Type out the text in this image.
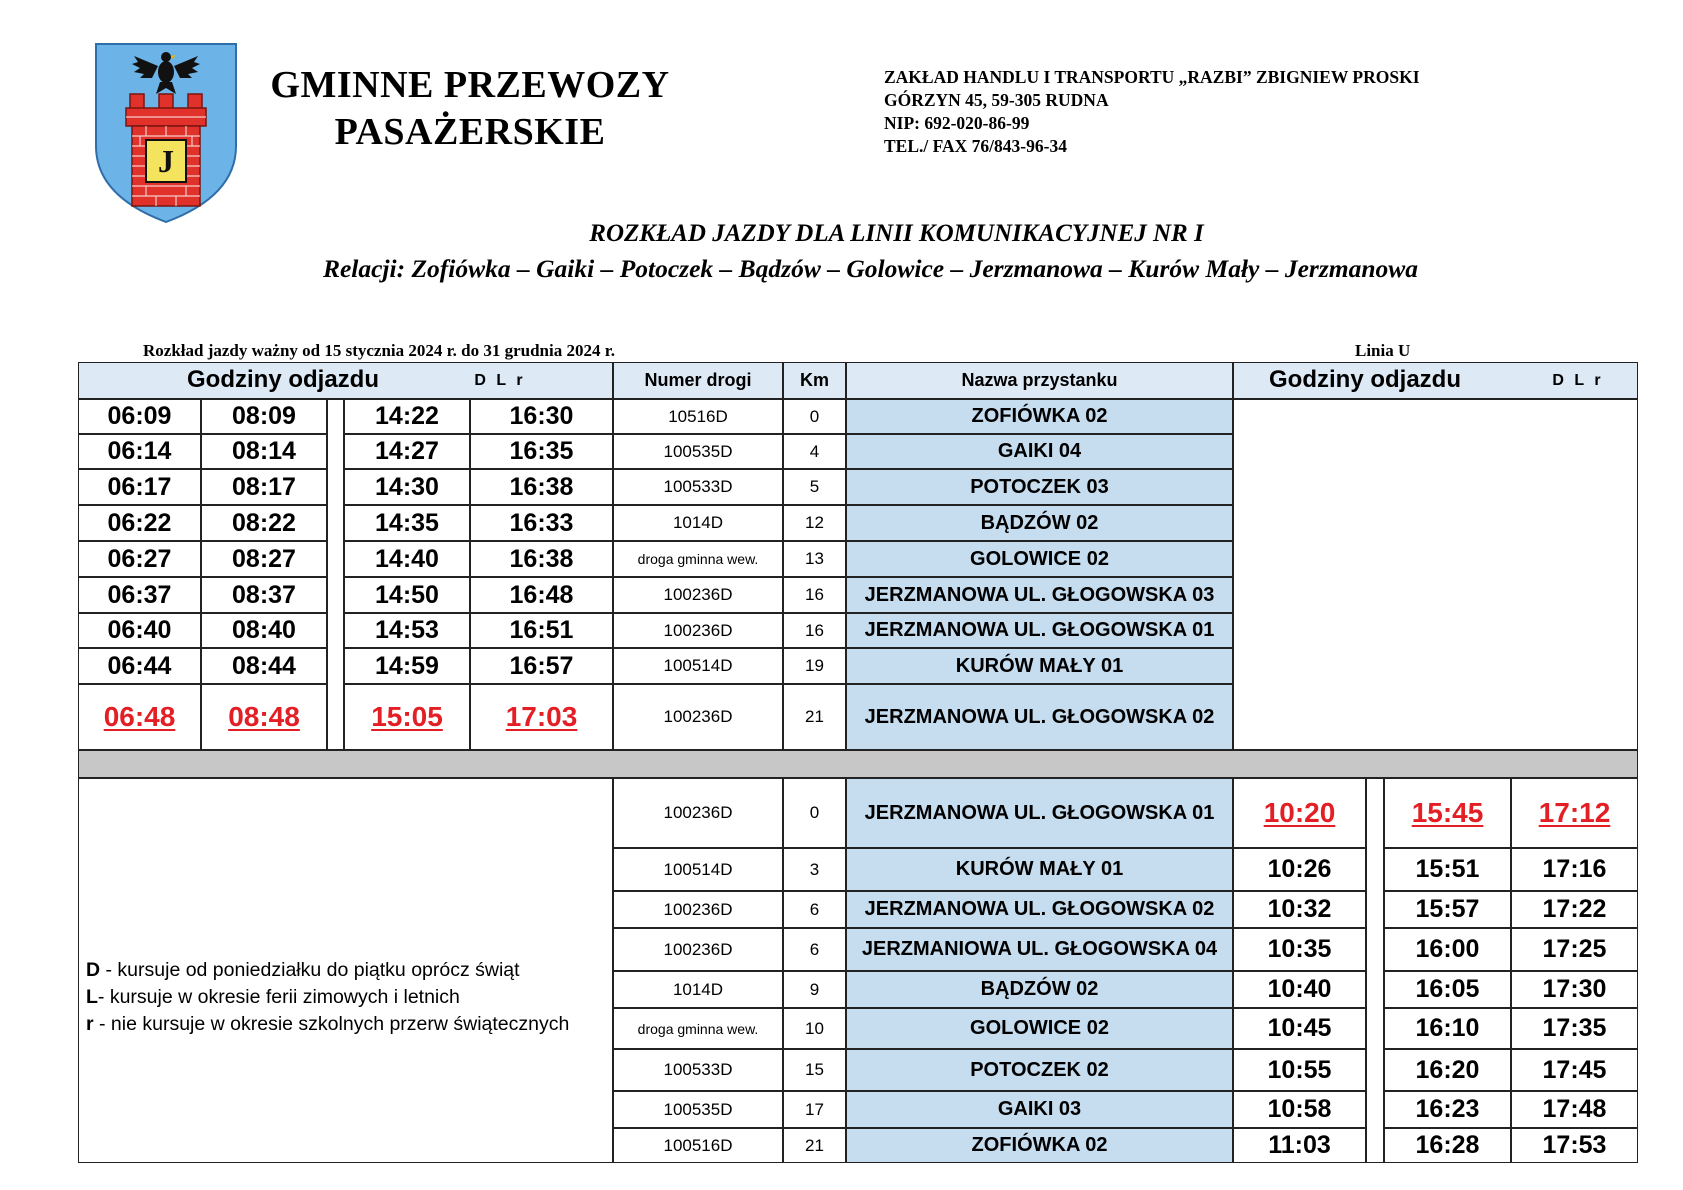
J
GMINNE PRZEWOZY
PASAŻERSKIE
ZAKŁAD HANDLU I TRANSPORTU „RAZBI” ZBIGNIEW PROSKI
GÓRZYN 45, 59-305 RUDNA
NIP: 692-020-86-99
TEL./ FAX 76/843-96-34
ROZKŁAD JAZDY DLA LINII KOMUNIKACYJNEJ NR I
Relacji: Zofiówka – Gaiki – Potoczek – Bądzów – Golowice – Jerzmanowa – Kurów Mały – Jerzmanowa
Rozkład jazdy ważny od 15 stycznia 2024 r. do 31 grudnia 2024 r.	Linia U
Godziny odjazdu	D L r	Numer drogi	Km	Nazwa przystanku	Godziny odjazdu	D L r
06:09	08:09	14:22	16:30	10516D	0	ZOFIÓWKA 02
06:14	08:14	14:27	16:35	100535D	4	GAIKI 04
06:17	08:17	14:30	16:38	100533D	5	POTOCZEK 03
06:22	08:22	14:35	16:33	1014D	12	BĄDZÓW 02
06:27	08:27	14:40	16:38	droga gminna wew.	13	GOLOWICE 02
06:37	08:37	14:50	16:48	100236D	16	JERZMANOWA UL. GŁOGOWSKA 03
06:40	08:40	14:53	16:51	100236D	16	JERZMANOWA UL. GŁOGOWSKA 01
06:44	08:44	14:59	16:57	100514D	19	KURÓW MAŁY 01
06:48	08:48	15:05	17:03	100236D	21	JERZMANOWA UL. GŁOGOWSKA 02
100236D	0	JERZMANOWA UL. GŁOGOWSKA 01	10:20	15:45	17:12
100514D	3	KURÓW MAŁY 01	10:26	15:51	17:16
100236D	6	JERZMANOWA UL. GŁOGOWSKA 02	10:32	15:57	17:22
100236D	6	JERZMANIOWA UL. GŁOGOWSKA 04	10:35	16:00	17:25
1014D	9	BĄDZÓW 02	10:40	16:05	17:30
droga gminna wew.	10	GOLOWICE 02	10:45	16:10	17:35
100533D	15	POTOCZEK 02	10:55	16:20	17:45
100535D	17	GAIKI 03	10:58	16:23	17:48
100516D	21	ZOFIÓWKA 02	11:03	16:28	17:53
D - kursuje od poniedziałku do piątku oprócz świąt
L- kursuje w okresie ferii zimowych i letnich
r - nie kursuje w okresie szkolnych przerw świątecznych
